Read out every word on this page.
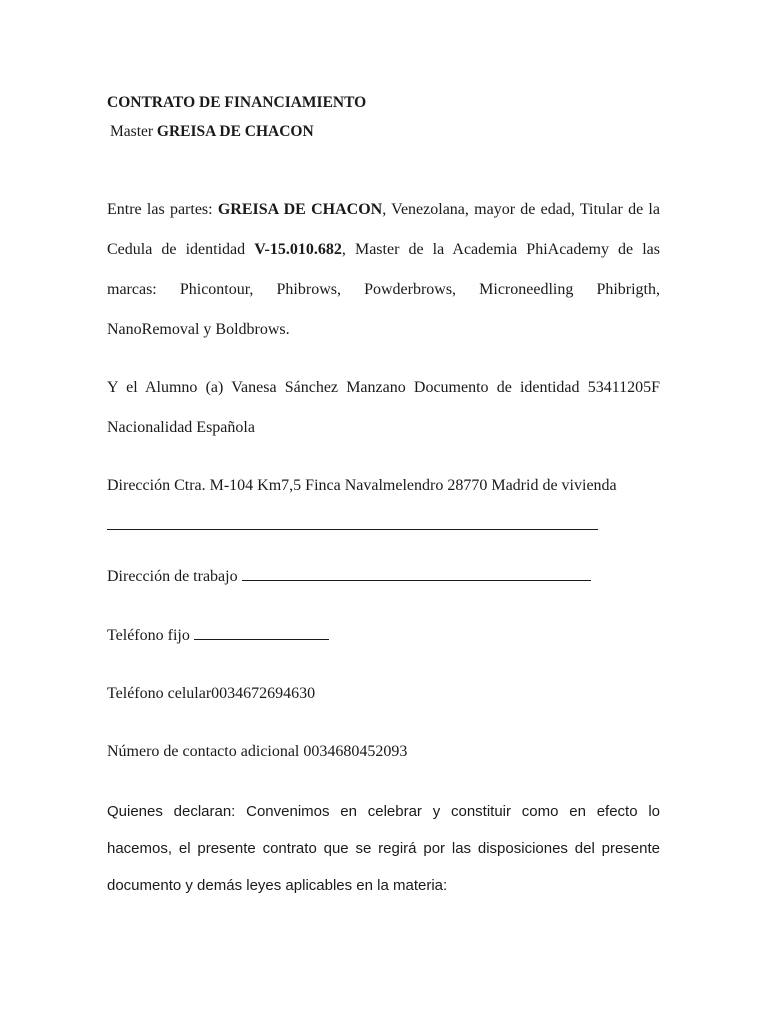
CONTRATO DE FINANCIAMIENTO

Master GREISA DE CHACON

Entre las partes: GREISA DE CHACON, Venezolana, mayor de edad, Titular de la Cedula de identidad V-15.010.682, Master de la Academia PhiAcademy de las marcas: Phicontour, Phibrows, Powderbrows, Microneedling Phibrigth, NanoRemoval y Boldbrows.

Y el Alumno (a) Vanesa Sánchez Manzano Documento de identidad 53411205F Nacionalidad Española

Dirección Ctra. M-104 Km7,5 Finca Navalmelendro 28770 Madrid de vivienda

Dirección de trabajo
Teléfono fijo
Teléfono celular0034672694630
Número de contacto adicional 0034680452093

Quienes declaran: Convenimos en celebrar y constituir como en efecto lo hacemos, el presente contrato que se regirá por las disposiciones del presente documento y demás leyes aplicables en la materia:
